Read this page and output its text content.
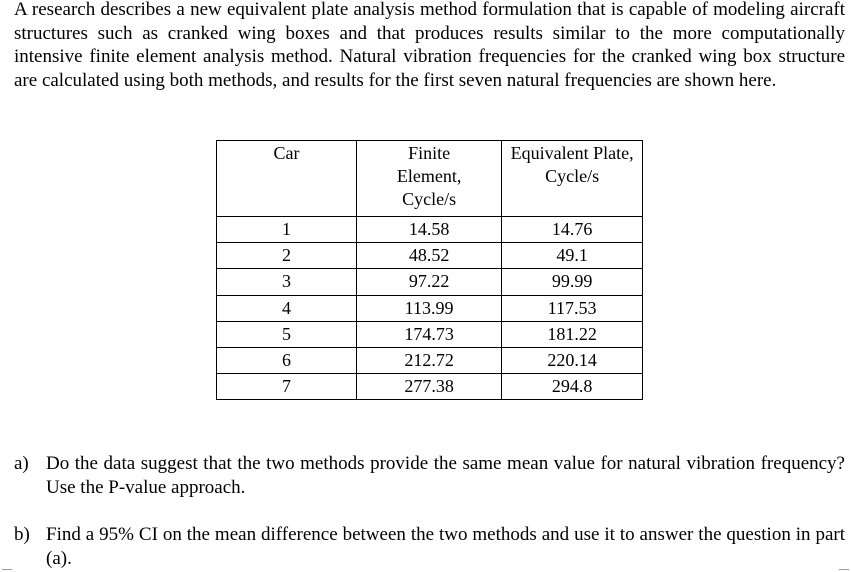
A research describes a new equivalent plate analysis method formulation that is capable of modeling aircraft structures such as cranked wing boxes and that produces results similar to the more computationally intensive finite element analysis method. Natural vibration frequencies for the cranked wing box structure are calculated using both methods, and results for the first seven natural frequencies are shown here.

Car	Finite Element, Cycle/s	Equivalent Plate, Cycle/s
1	14.58	14.76
2	48.52	49.1
3	97.22	99.99
4	113.99	117.53
5	174.73	181.22
6	212.72	220.14
7	277.38	294.8
a) Do the data suggest that the two methods provide the same mean value for natural vibration frequency? Use the P-value approach.
b) Find a 95% CI on the mean difference between the two methods and use it to answer the question in part (a).
